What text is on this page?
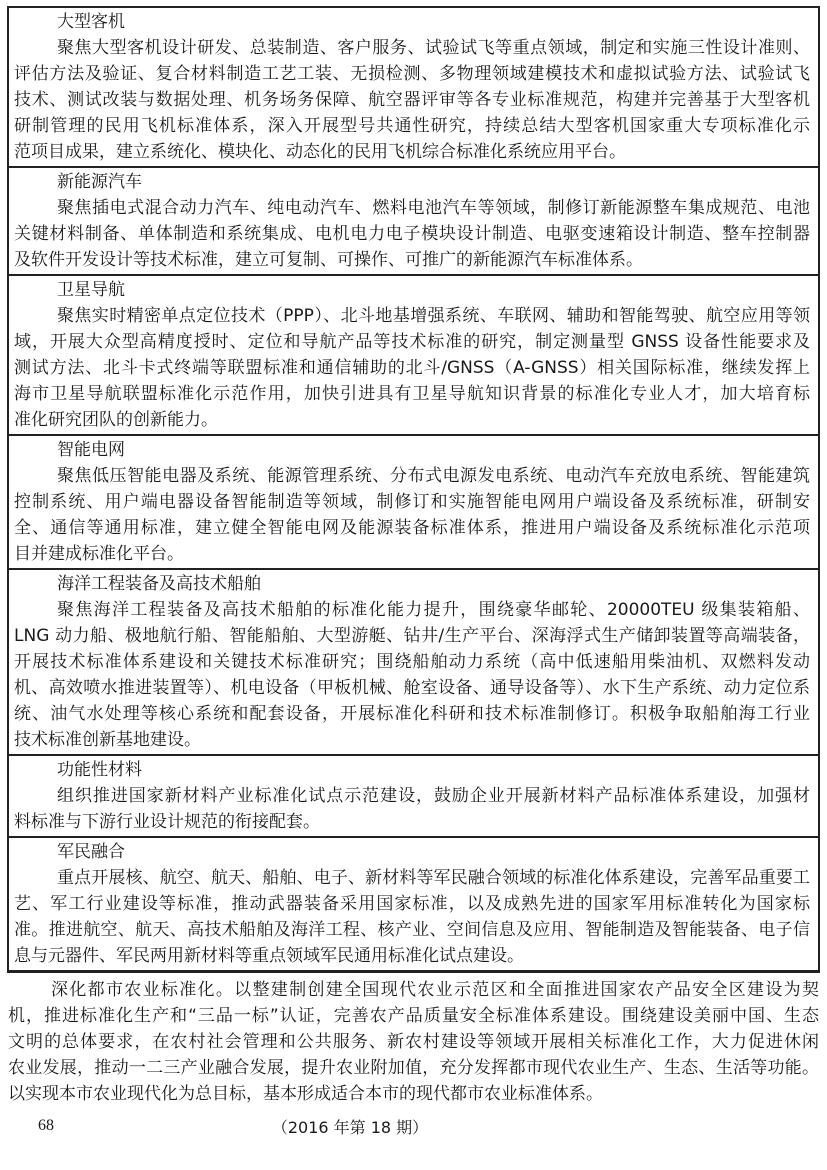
大型客机
聚焦大型客机设计研发、总装制造、客户服务、试验试飞等重点领域，制定和实施三性设计准则、
评估方法及验证、复合材料制造工艺工装、无损检测、多物理领域建模技术和虚拟试验方法、试验试飞
技术、测试改装与数据处理、机务场务保障、航空器评审等各专业标准规范，构建并完善基于大型客机
研制管理的民用飞机标准体系，深入开展型号共通性研究，持续总结大型客机国家重大专项标准化示
范项目成果，建立系统化、模块化、动态化的民用飞机综合标准化系统应用平台。
新能源汽车
聚焦插电式混合动力汽车、纯电动汽车、燃料电池汽车等领域，制修订新能源整车集成规范、电池
关键材料制备、单体制造和系统集成、电机电力电子模块设计制造、电驱变速箱设计制造、整车控制器
及软件开发设计等技术标准，建立可复制、可操作、可推广的新能源汽车标准体系。
卫星导航
聚焦实时精密单点定位技术（PPP）、北斗地基增强系统、车联网、辅助和智能驾驶、航空应用等领
域，开展大众型高精度授时、定位和导航产品等技术标准的研究，制定测量型 GNSS 设备性能要求及
测试方法、北斗卡式终端等联盟标准和通信辅助的北斗/GNSS（A-GNSS）相关国际标准，继续发挥上
海市卫星导航联盟标准化示范作用，加快引进具有卫星导航知识背景的标准化专业人才，加大培育标
准化研究团队的创新能力。
智能电网
聚焦低压智能电器及系统、能源管理系统、分布式电源发电系统、电动汽车充放电系统、智能建筑
控制系统、用户端电器设备智能制造等领域，制修订和实施智能电网用户端设备及系统标准，研制安
全、通信等通用标准，建立健全智能电网及能源装备标准体系，推进用户端设备及系统标准化示范项
目并建成标准化平台。
海洋工程装备及高技术船舶
聚焦海洋工程装备及高技术船舶的标准化能力提升，围绕豪华邮轮、20000TEU 级集装箱船、
LNG 动力船、极地航行船、智能船舶、大型游艇、钻井/生产平台、深海浮式生产储卸装置等高端装备，
开展技术标准体系建设和关键技术标准研究；围绕船舶动力系统（高中低速船用柴油机、双燃料发动
机、高效喷水推进装置等）、机电设备（甲板机械、舱室设备、通导设备等）、水下生产系统、动力定位系
统、油气水处理等核心系统和配套设备，开展标准化科研和技术标准制修订。积极争取船舶海工行业
技术标准创新基地建设。
功能性材料
组织推进国家新材料产业标准化试点示范建设，鼓励企业开展新材料产品标准体系建设，加强材
料标准与下游行业设计规范的衔接配套。
军民融合
重点开展核、航空、航天、船舶、电子、新材料等军民融合领域的标准化体系建设，完善军品重要工
艺、军工行业建设等标准，推动武器装备采用国家标准，以及成熟先进的国家军用标准转化为国家标
准。推进航空、航天、高技术船舶及海洋工程、核产业、空间信息及应用、智能制造及智能装备、电子信
息与元器件、军民两用新材料等重点领域军民通用标准化试点建设。
深化都市农业标准化。以整建制创建全国现代农业示范区和全面推进国家农产品安全区建设为契
机，推进标准化生产和“三品一标”认证，完善农产品质量安全标准体系建设。围绕建设美丽中国、生态
文明的总体要求，在农村社会管理和公共服务、新农村建设等领域开展相关标准化工作，大力促进休闲
农业发展，推动一二三产业融合发展，提升农业附加值，充分发挥都市现代农业生产、生态、生活等功能。
以实现本市农业现代化为总目标，基本形成适合本市的现代都市农业标准体系。
68	（2016 年第 18 期）
